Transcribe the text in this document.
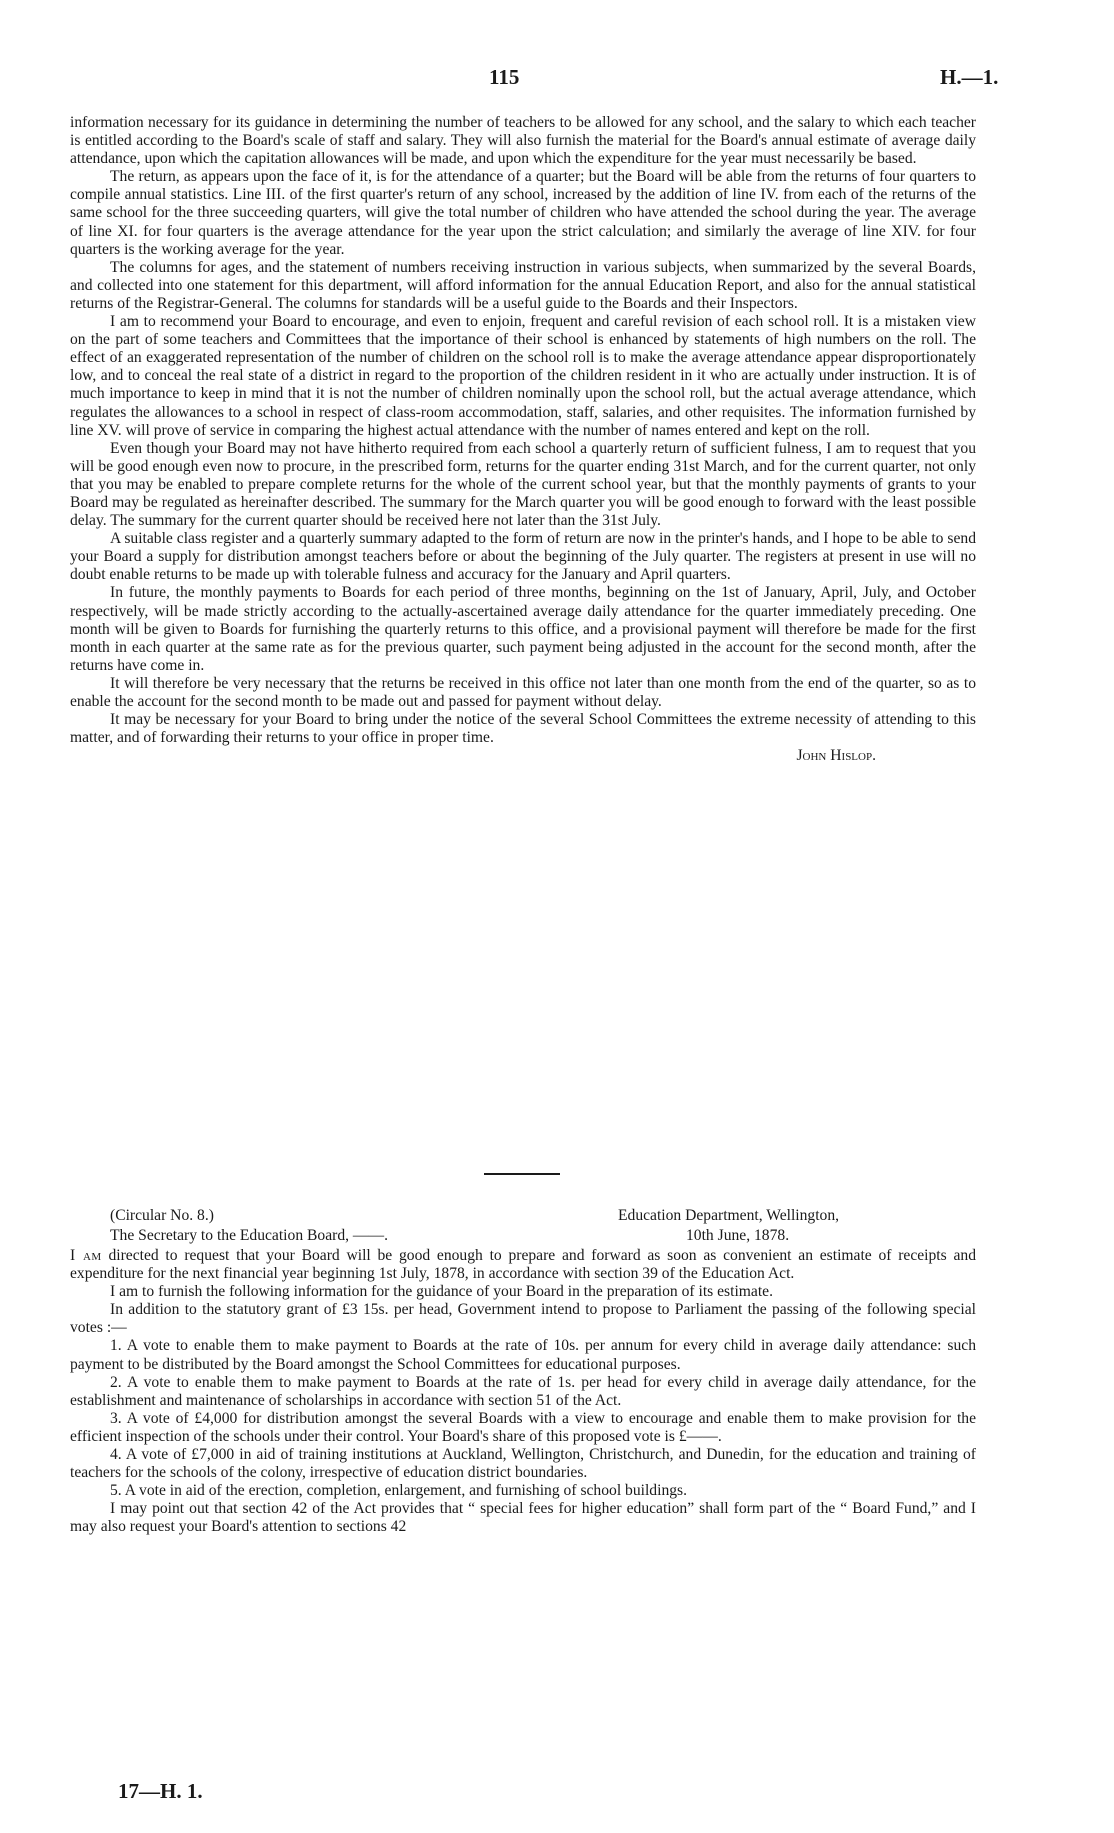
115	H.—1.

information necessary for its guidance in determining the number of teachers to be allowed for any school, and the salary to which each teacher is entitled according to the Board's scale of staff and salary. They will also furnish the material for the Board's annual estimate of average daily attendance, upon which the capitation allowances will be made, and upon which the expenditure for the year must necessarily be based.

The return, as appears upon the face of it, is for the attendance of a quarter; but the Board will be able from the returns of four quarters to compile annual statistics. Line III. of the first quarter's return of any school, increased by the addition of line IV. from each of the returns of the same school for the three succeeding quarters, will give the total number of children who have attended the school during the year. The average of line XI. for four quarters is the average attendance for the year upon the strict calculation; and similarly the average of line XIV. for four quarters is the working average for the year.

The columns for ages, and the statement of numbers receiving instruction in various subjects, when summarized by the several Boards, and collected into one statement for this department, will afford information for the annual Education Report, and also for the annual statistical returns of the Registrar-General. The columns for standards will be a useful guide to the Boards and their Inspectors.

I am to recommend your Board to encourage, and even to enjoin, frequent and careful revision of each school roll. It is a mistaken view on the part of some teachers and Committees that the importance of their school is enhanced by statements of high numbers on the roll. The effect of an exaggerated representation of the number of children on the school roll is to make the average attendance appear disproportionately low, and to conceal the real state of a district in regard to the proportion of the children resident in it who are actually under instruction. It is of much importance to keep in mind that it is not the number of children nominally upon the school roll, but the actual average attendance, which regulates the allowances to a school in respect of class-room accommodation, staff, salaries, and other requisites. The information furnished by line XV. will prove of service in comparing the highest actual attendance with the number of names entered and kept on the roll.

Even though your Board may not have hitherto required from each school a quarterly return of sufficient fulness, I am to request that you will be good enough even now to procure, in the prescribed form, returns for the quarter ending 31st March, and for the current quarter, not only that you may be enabled to prepare complete returns for the whole of the current school year, but that the monthly payments of grants to your Board may be regulated as hereinafter described. The summary for the March quarter you will be good enough to forward with the least possible delay. The summary for the current quarter should be received here not later than the 31st July.

A suitable class register and a quarterly summary adapted to the form of return are now in the printer's hands, and I hope to be able to send your Board a supply for distribution amongst teachers before or about the beginning of the July quarter. The registers at present in use will no doubt enable returns to be made up with tolerable fulness and accuracy for the January and April quarters.

In future, the monthly payments to Boards for each period of three months, beginning on the 1st of January, April, July, and October respectively, will be made strictly according to the actually-ascertained average daily attendance for the quarter immediately preceding. One month will be given to Boards for furnishing the quarterly returns to this office, and a provisional payment will therefore be made for the first month in each quarter at the same rate as for the previous quarter, such payment being adjusted in the account for the second month, after the returns have come in.

It will therefore be very necessary that the returns be received in this office not later than one month from the end of the quarter, so as to enable the account for the second month to be made out and passed for payment without delay.

It may be necessary for your Board to bring under the notice of the several School Committees the extreme necessity of attending to this matter, and of forwarding their returns to your office in proper time.

John Hislop.

(Circular No. 8.)	Education Department, Wellington,
The Secretary to the Education Board, ——.	10th June, 1878.

I am directed to request that your Board will be good enough to prepare and forward as soon as convenient an estimate of receipts and expenditure for the next financial year beginning 1st July, 1878, in accordance with section 39 of the Education Act.

I am to furnish the following information for the guidance of your Board in the preparation of its estimate.

In addition to the statutory grant of £3 15s. per head, Government intend to propose to Parliament the passing of the following special votes :—

1. A vote to enable them to make payment to Boards at the rate of 10s. per annum for every child in average daily attendance: such payment to be distributed by the Board amongst the School Committees for educational purposes.

2. A vote to enable them to make payment to Boards at the rate of 1s. per head for every child in average daily attendance, for the establishment and maintenance of scholarships in accordance with section 51 of the Act.

3. A vote of £4,000 for distribution amongst the several Boards with a view to encourage and enable them to make provision for the efficient inspection of the schools under their control. Your Board's share of this proposed vote is £——.

4. A vote of £7,000 in aid of training institutions at Auckland, Wellington, Christchurch, and Dunedin, for the education and training of teachers for the schools of the colony, irrespective of education district boundaries.

5. A vote in aid of the erection, completion, enlargement, and furnishing of school buildings.

I may point out that section 42 of the Act provides that “ special fees for higher education” shall form part of the “ Board Fund,” and I may also request your Board's attention to sections 42

17—H. 1.
